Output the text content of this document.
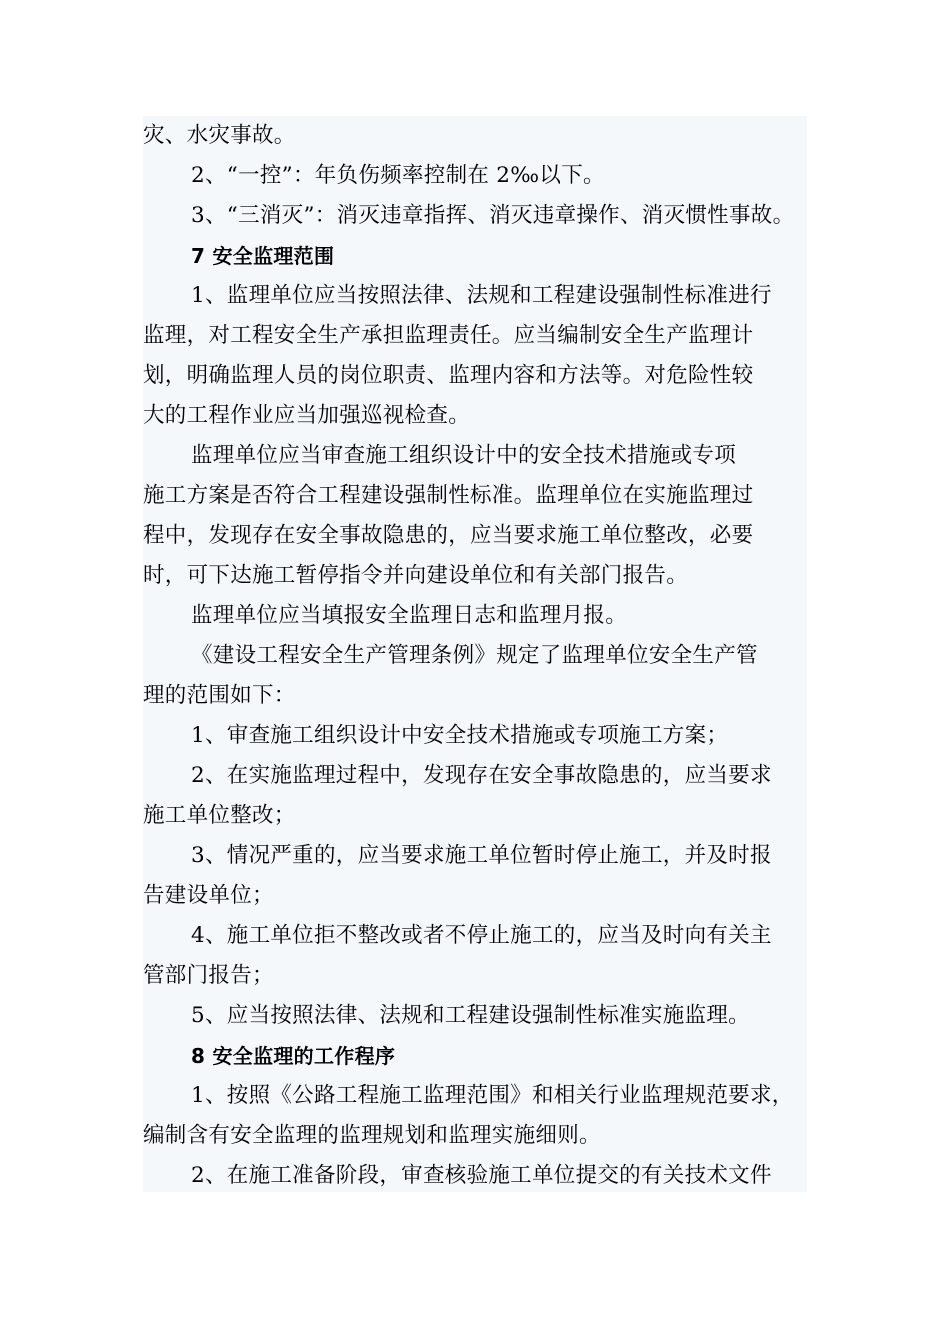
灾、水灾事故。
2、“一控”：年负伤频率控制在 2‰以下。
3、“三消灭”：消灭违章指挥、消灭违章操作、消灭惯性事故。
7 安全监理范围
1、监理单位应当按照法律、法规和工程建设强制性标准进行
监理，对工程安全生产承担监理责任。应当编制安全生产监理计
划，明确监理人员的岗位职责、监理内容和方法等。对危险性较
大的工程作业应当加强巡视检查。
监理单位应当审查施工组织设计中的安全技术措施或专项
施工方案是否符合工程建设强制性标准。监理单位在实施监理过
程中，发现存在安全事故隐患的，应当要求施工单位整改，必要
时，可下达施工暂停指令并向建设单位和有关部门报告。
监理单位应当填报安全监理日志和监理月报。
《建设工程安全生产管理条例》规定了监理单位安全生产管
理的范围如下：
1、审查施工组织设计中安全技术措施或专项施工方案；
2、在实施监理过程中，发现存在安全事故隐患的，应当要求
施工单位整改；
3、情况严重的，应当要求施工单位暂时停止施工，并及时报
告建设单位；
4、施工单位拒不整改或者不停止施工的，应当及时向有关主
管部门报告；
5、应当按照法律、法规和工程建设强制性标准实施监理。
8 安全监理的工作程序
1、按照《公路工程施工监理范围》和相关行业监理规范要求，
编制含有安全监理的监理规划和监理实施细则。
2、在施工准备阶段，审查核验施工单位提交的有关技术文件
